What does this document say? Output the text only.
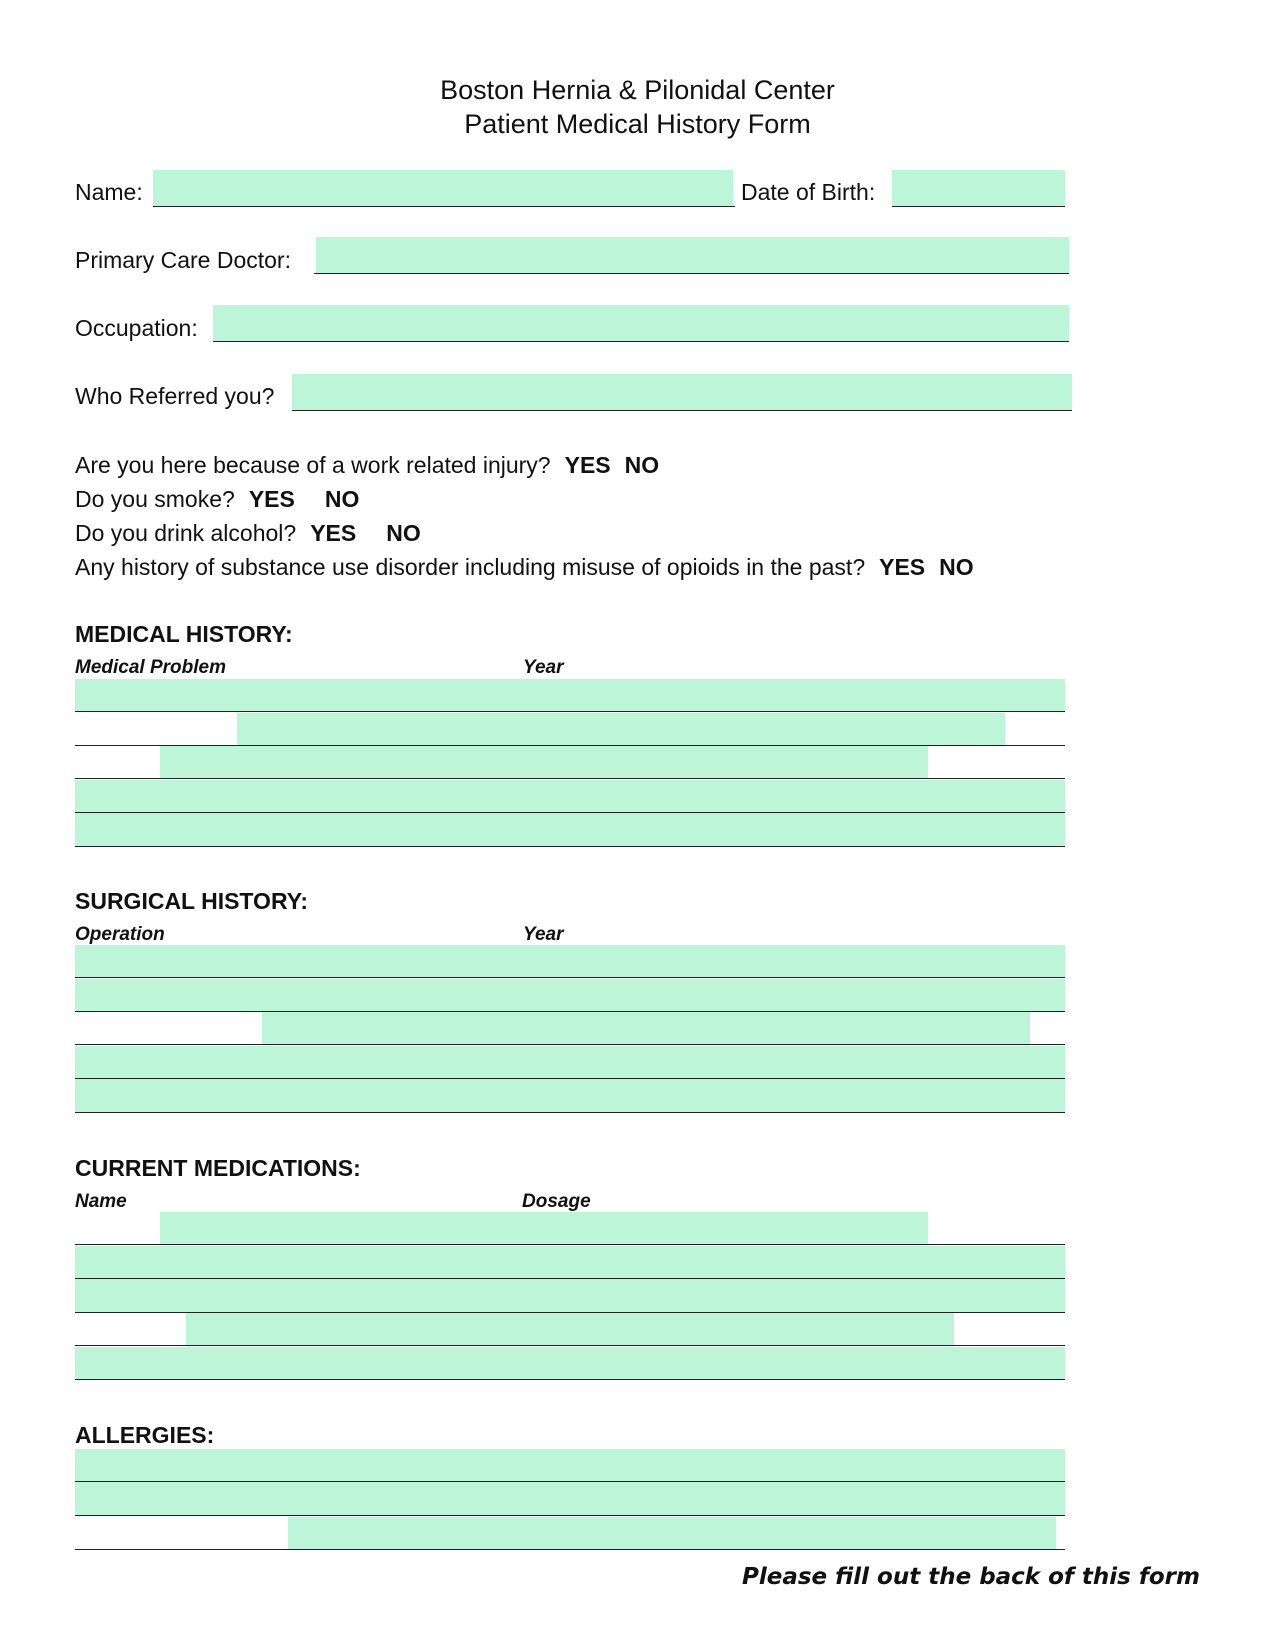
Boston Hernia & Pilonidal Center
Patient Medical History Form
Name:	Date of Birth:
Primary Care Doctor:
Occupation:
Who Referred you?
Are you here because of a work related injury? YES NO
Do you smoke? YES NO
Do you drink alcohol? YES NO
Any history of substance use disorder including misuse of opioids in the past? YES NO
MEDICAL HISTORY:
Medical Problem	Year
SURGICAL HISTORY:
Operation	Year
CURRENT MEDICATIONS:
Name	Dosage
ALLERGIES:
Please fill out the back of this form
